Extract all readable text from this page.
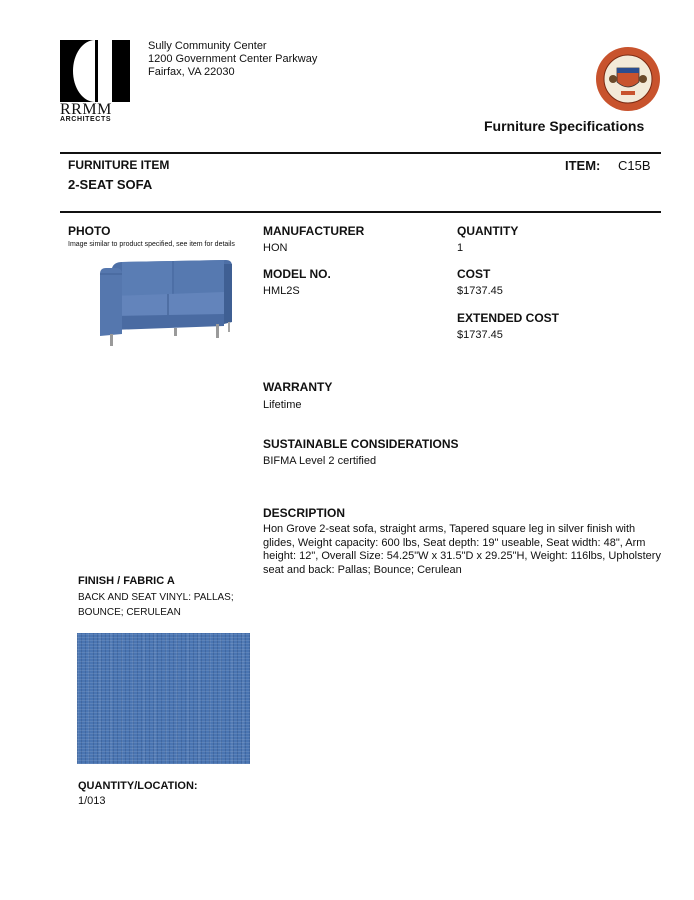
RRMM
ARCHITECTS
Sully Community Center
1200 Government Center Parkway
Fairfax, VA 22030
Furniture Specifications
FURNITURE ITEM
2-SEAT SOFA
ITEM: C15B
PHOTO
Image similar to product specified, see item for details
MANUFACTURER
HON
MODEL NO.
HML2S
QUANTITY
1
COST
$1737.45
EXTENDED COST
$1737.45
WARRANTY
Lifetime
SUSTAINABLE CONSIDERATIONS
BIFMA Level 2 certified
DESCRIPTION
Hon Grove 2-seat sofa, straight arms, Tapered square leg in silver finish with glides, Weight capacity: 600 lbs, Seat depth: 19" useable, Seat width: 48", Arm height: 12", Overall Size: 54.25"W x 31.5"D x 29.25"H, Weight: 116lbs, Upholstery seat and back: Pallas; Bounce; Cerulean
FINISH / FABRIC A
BACK AND SEAT VINYL: PALLAS; BOUNCE; CERULEAN
QUANTITY/LOCATION:
1/013
